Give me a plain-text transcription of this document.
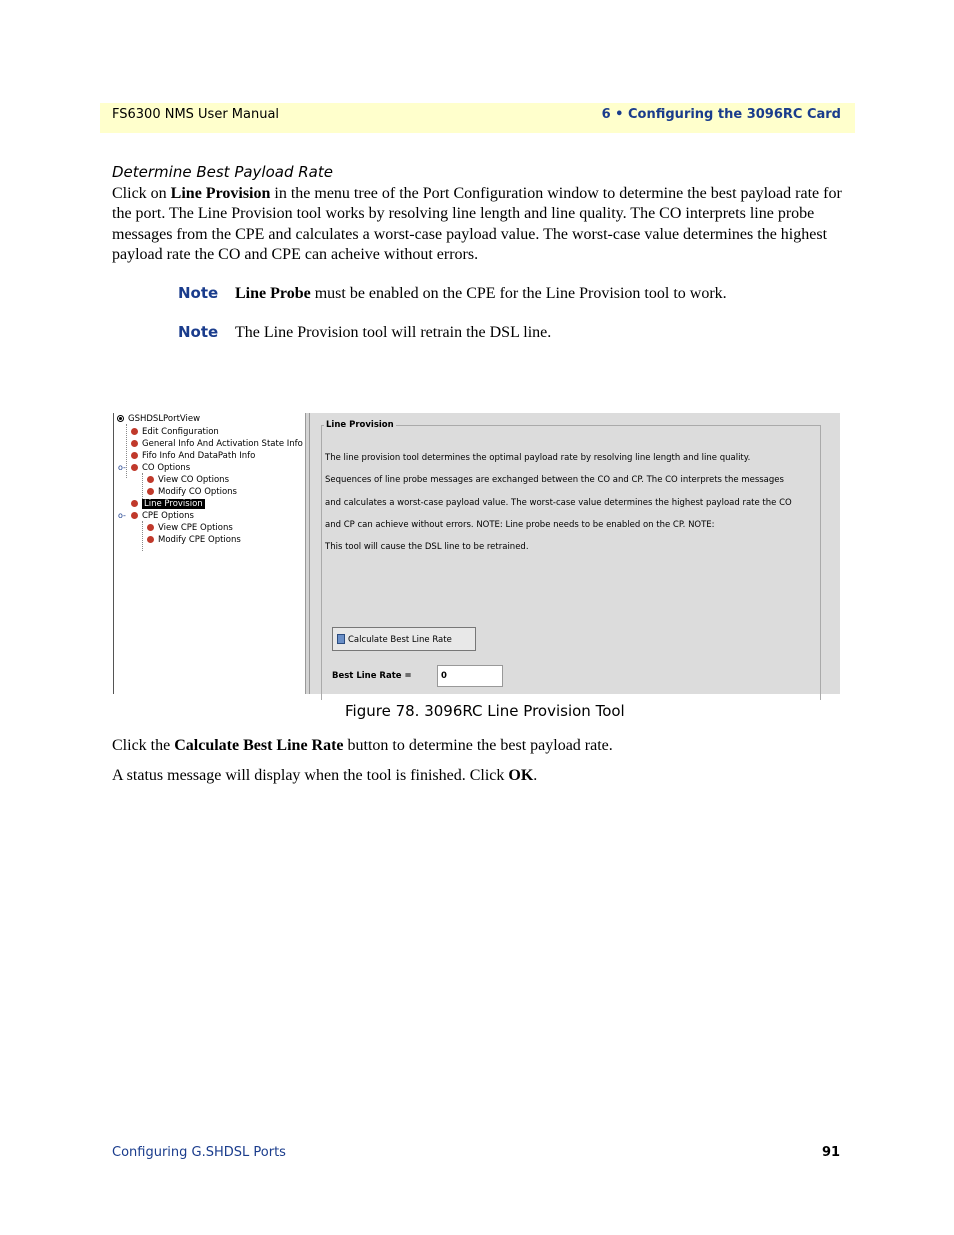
FS6300 NMS User Manual	6 • Configuring the 3096RC Card
Determine Best Payload Rate
Click on Line Provision in the menu tree of the Port Configuration window to determine the best payload rate for the port. The Line Provision tool works by resolving line length and line quality. The CO interprets line probe messages from the CPE and calculates a worst-case payload value. The worst-case value determines the highest payload rate the CO and CPE can acheive without errors.
Note Line Probe must be enabled on the CPE for the Line Provision tool to work.
Note The Line Provision tool will retrain the DSL line.
GSHDSLPortView
Edit Configuration
General Info And Activation State Info
Fifo Info And DataPath Info
o-	CO Options
View CO Options
Modify CO Options
Line Provision
o-	CPE Options
View CPE Options
Modify CPE Options
Line Provision
The line provision tool determines the optimal payload rate by resolving line length and line quality.
Sequences of line probe messages are exchanged between the CO and CP. The CO interprets the messages
and calculates a worst-case payload value. The worst-case value determines the highest payload rate the CO
and CP can achieve without errors. NOTE: Line probe needs to be enabled on the CP. NOTE:
This tool will cause the DSL line to be retrained.
Calculate Best Line Rate
Best Line Rate =
0
Figure 78. 3096RC Line Provision Tool
Click the Calculate Best Line Rate button to determine the best payload rate.
A status message will display when the tool is finished. Click OK.
Configuring G.SHDSL Ports	91
